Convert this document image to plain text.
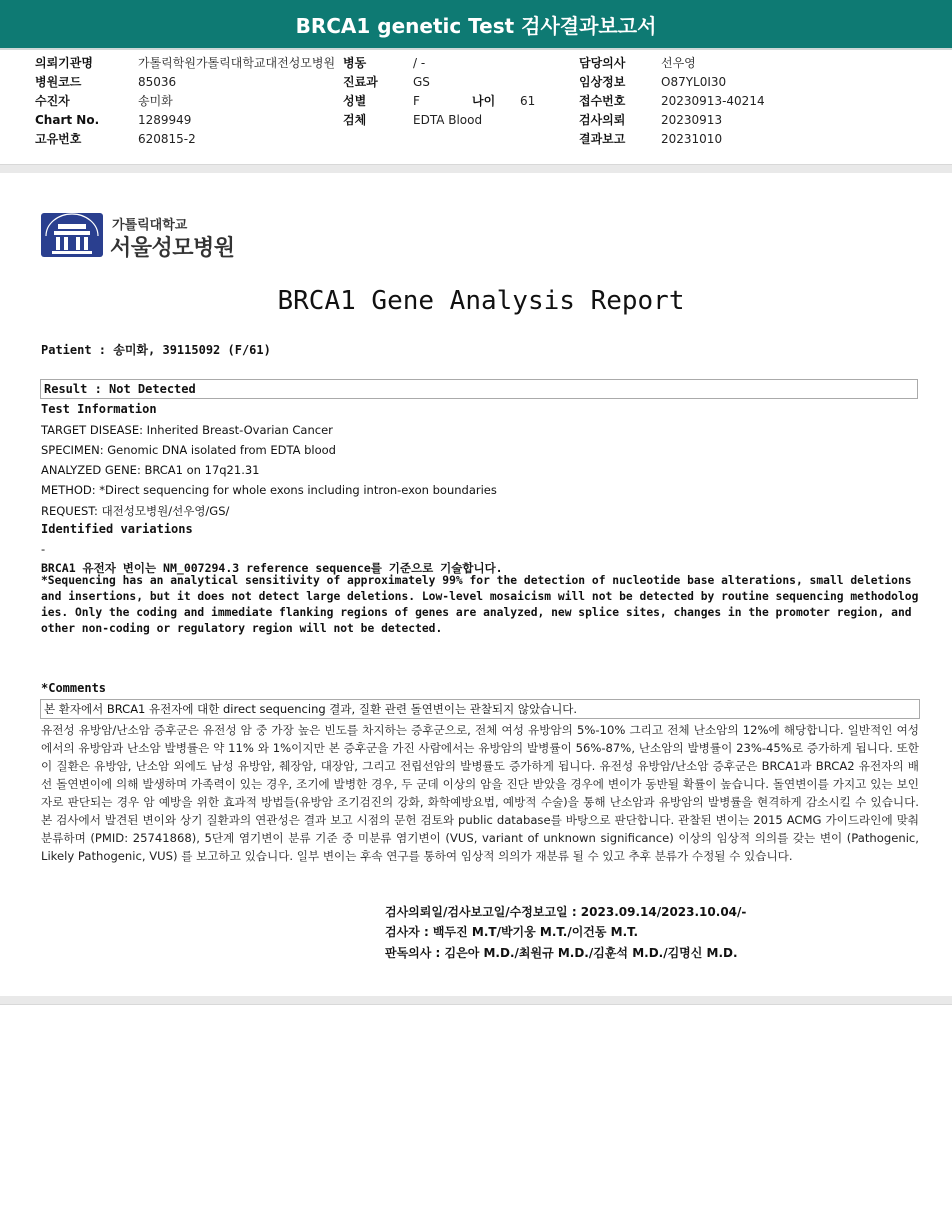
BRCA1 genetic Test 검사결과보고서
의뢰기관명	가톨릭학원가톨릭대학교대전성모병원
병원코드	85036
수진자	송미화
Chart No.	1289949
고유번호	620815-2
병동	/ -
진료과	GS
성별	F	나이 61
검체	EDTA Blood
담당의사	선우영
임상정보	O87YL0I30
접수번호	20230913-40214
검사의뢰	20230913
결과보고	20231010
가톨릭대학교
서울성모병원
BRCA1 Gene Analysis Report
Patient : 송미화, 39115092 (F/61)
Result : Not Detected
Test Information
TARGET DISEASE: Inherited Breast-Ovarian Cancer
SPECIMEN: Genomic DNA isolated from EDTA blood
ANALYZED GENE: BRCA1 on 17q21.31
METHOD: *Direct sequencing for whole exons including intron-exon boundaries
REQUEST: 대전성모병원/선우영/GS/
Identified variations
-
BRCA1 유전자 변이는 NM_007294.3 reference sequence를 기준으로 기술합니다.

*Sequencing has an analytical sensitivity of approximately 99% for the detection of nucleotide base alterations, small deletions and insertions, but it does not detect large deletions. Low-level mosaicism will not be detected by routine sequencing methodologies. Only the coding and immediate flanking regions of genes are analyzed, new splice sites, changes in the promoter region, and other non-coding or regulatory region will not be detected.

*Comments
본 환자에서 BRCA1 유전자에 대한 direct sequencing 결과, 질환 관련 돌연변이는 관찰되지 않았습니다.

유전성 유방암/난소암 증후군은 유전성 암 중 가장 높은 빈도를 차지하는 증후군으로, 전체 여성 유방암의 5%-10% 그리고 전체 난소암의 12%에 해당합니다. 일반적인 여성에서의 유방암과 난소암 발병률은 약 11% 와 1%이지만 본 증후군을 가진 사람에서는 유방암의 발병률이 56%-87%, 난소암의 발병률이 23%-45%로 증가하게 됩니다. 또한 이 질환은 유방암, 난소암 외에도 남성 유방암, 췌장암, 대장암, 그리고 전립선암의 발병률도 증가하게 됩니다. 유전성 유방암/난소암 증후군은 BRCA1과 BRCA2 유전자의 배선 돌연변이에 의해 발생하며 가족력이 있는 경우, 조기에 발병한 경우, 두 군데 이상의 암을 진단 받았을 경우에 변이가 동반될 확률이 높습니다. 돌연변이를 가지고 있는 보인자로 판단되는 경우 암 예방을 위한 효과적 방법들(유방암 조기검진의 강화, 화학예방요법, 예방적 수술)을 통해 난소암과 유방암의 발병률을 현격하게 감소시킬 수 있습니다. 본 검사에서 발견된 변이와 상기 질환과의 연관성은 결과 보고 시점의 문헌 검토와 public database를 바탕으로 판단합니다. 관찰된 변이는 2015 ACMG 가이드라인에 맞춰 분류하며 (PMID: 25741868), 5단계 염기변이 분류 기준 중 미분류 염기변이 (VUS, variant of unknown significance) 이상의 임상적 의의를 갖는 변이 (Pathogenic, Likely Pathogenic, VUS) 를 보고하고 있습니다. 일부 변이는 후속 연구를 통하여 임상적 의의가 재분류 될 수 있고 추후 분류가 수정될 수 있습니다.

검사의뢰일/검사보고일/수정보고일 : 2023.09.14/2023.10.04/-
검사자 : 백두진 M.T/박기웅 M.T./이건동 M.T.
판독의사 : 김은아 M.D./최원규 M.D./김훈석 M.D./김명신 M.D.
